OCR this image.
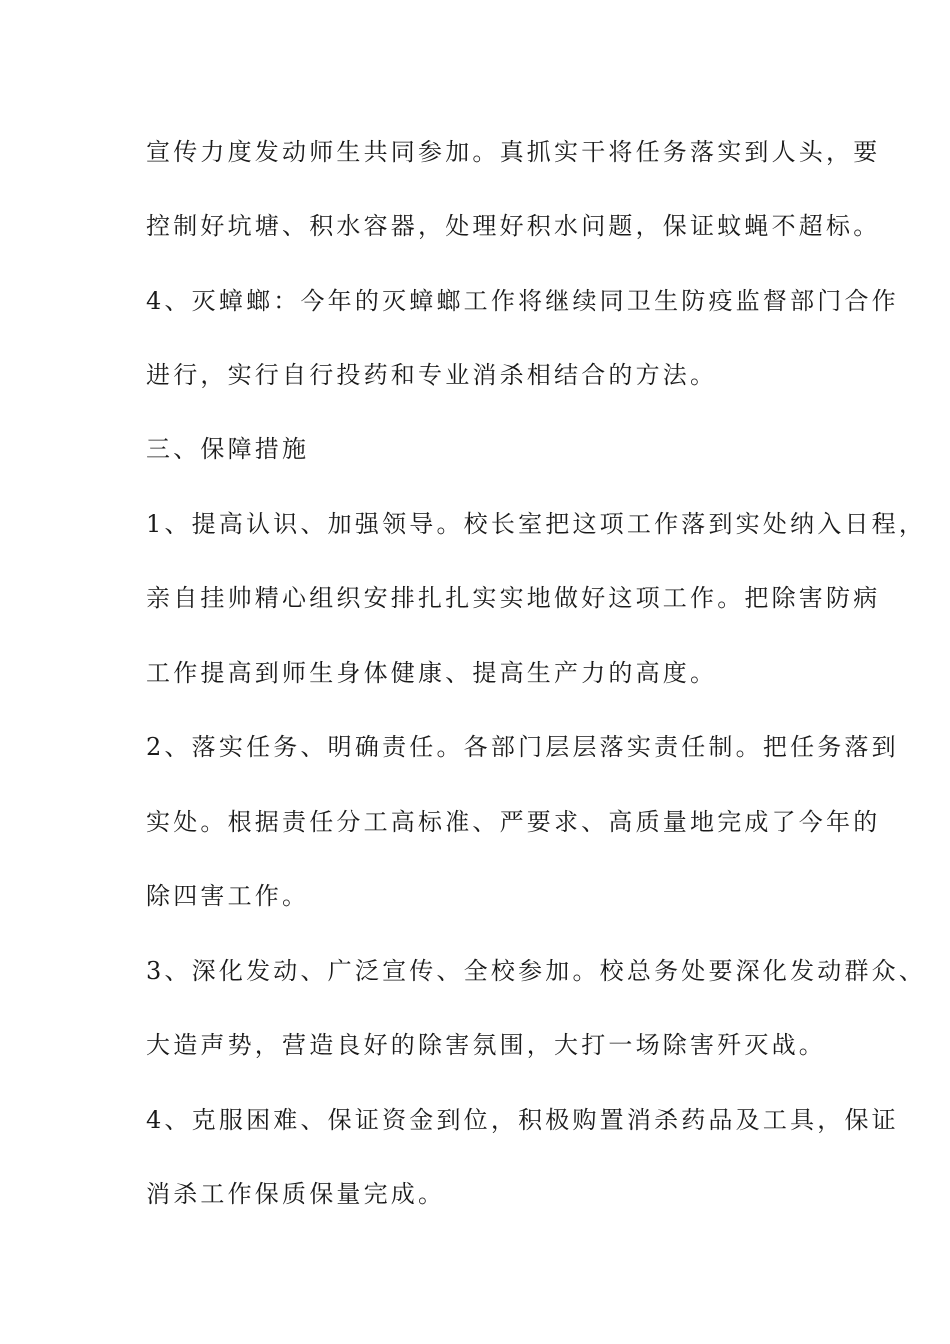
宣传力度发动师生共同参加。真抓实干将任务落实到人头，要
控制好坑塘、积水容器，处理好积水问题，保证蚊蝇不超标。
4、灭蟑螂：今年的灭蟑螂工作将继续同卫生防疫监督部门合作
进行，实行自行投药和专业消杀相结合的方法。
三、保障措施
1、提高认识、加强领导。校长室把这项工作落到实处纳入日程，
亲自挂帅精心组织安排扎扎实实地做好这项工作。把除害防病
工作提高到师生身体健康、提高生产力的高度。
2、落实任务、明确责任。各部门层层落实责任制。把任务落到
实处。根据责任分工高标准、严要求、高质量地完成了今年的
除四害工作。
3、深化发动、广泛宣传、全校参加。校总务处要深化发动群众、
大造声势，营造良好的除害氛围，大打一场除害歼灭战。
4、克服困难、保证资金到位，积极购置消杀药品及工具，保证
消杀工作保质保量完成。
